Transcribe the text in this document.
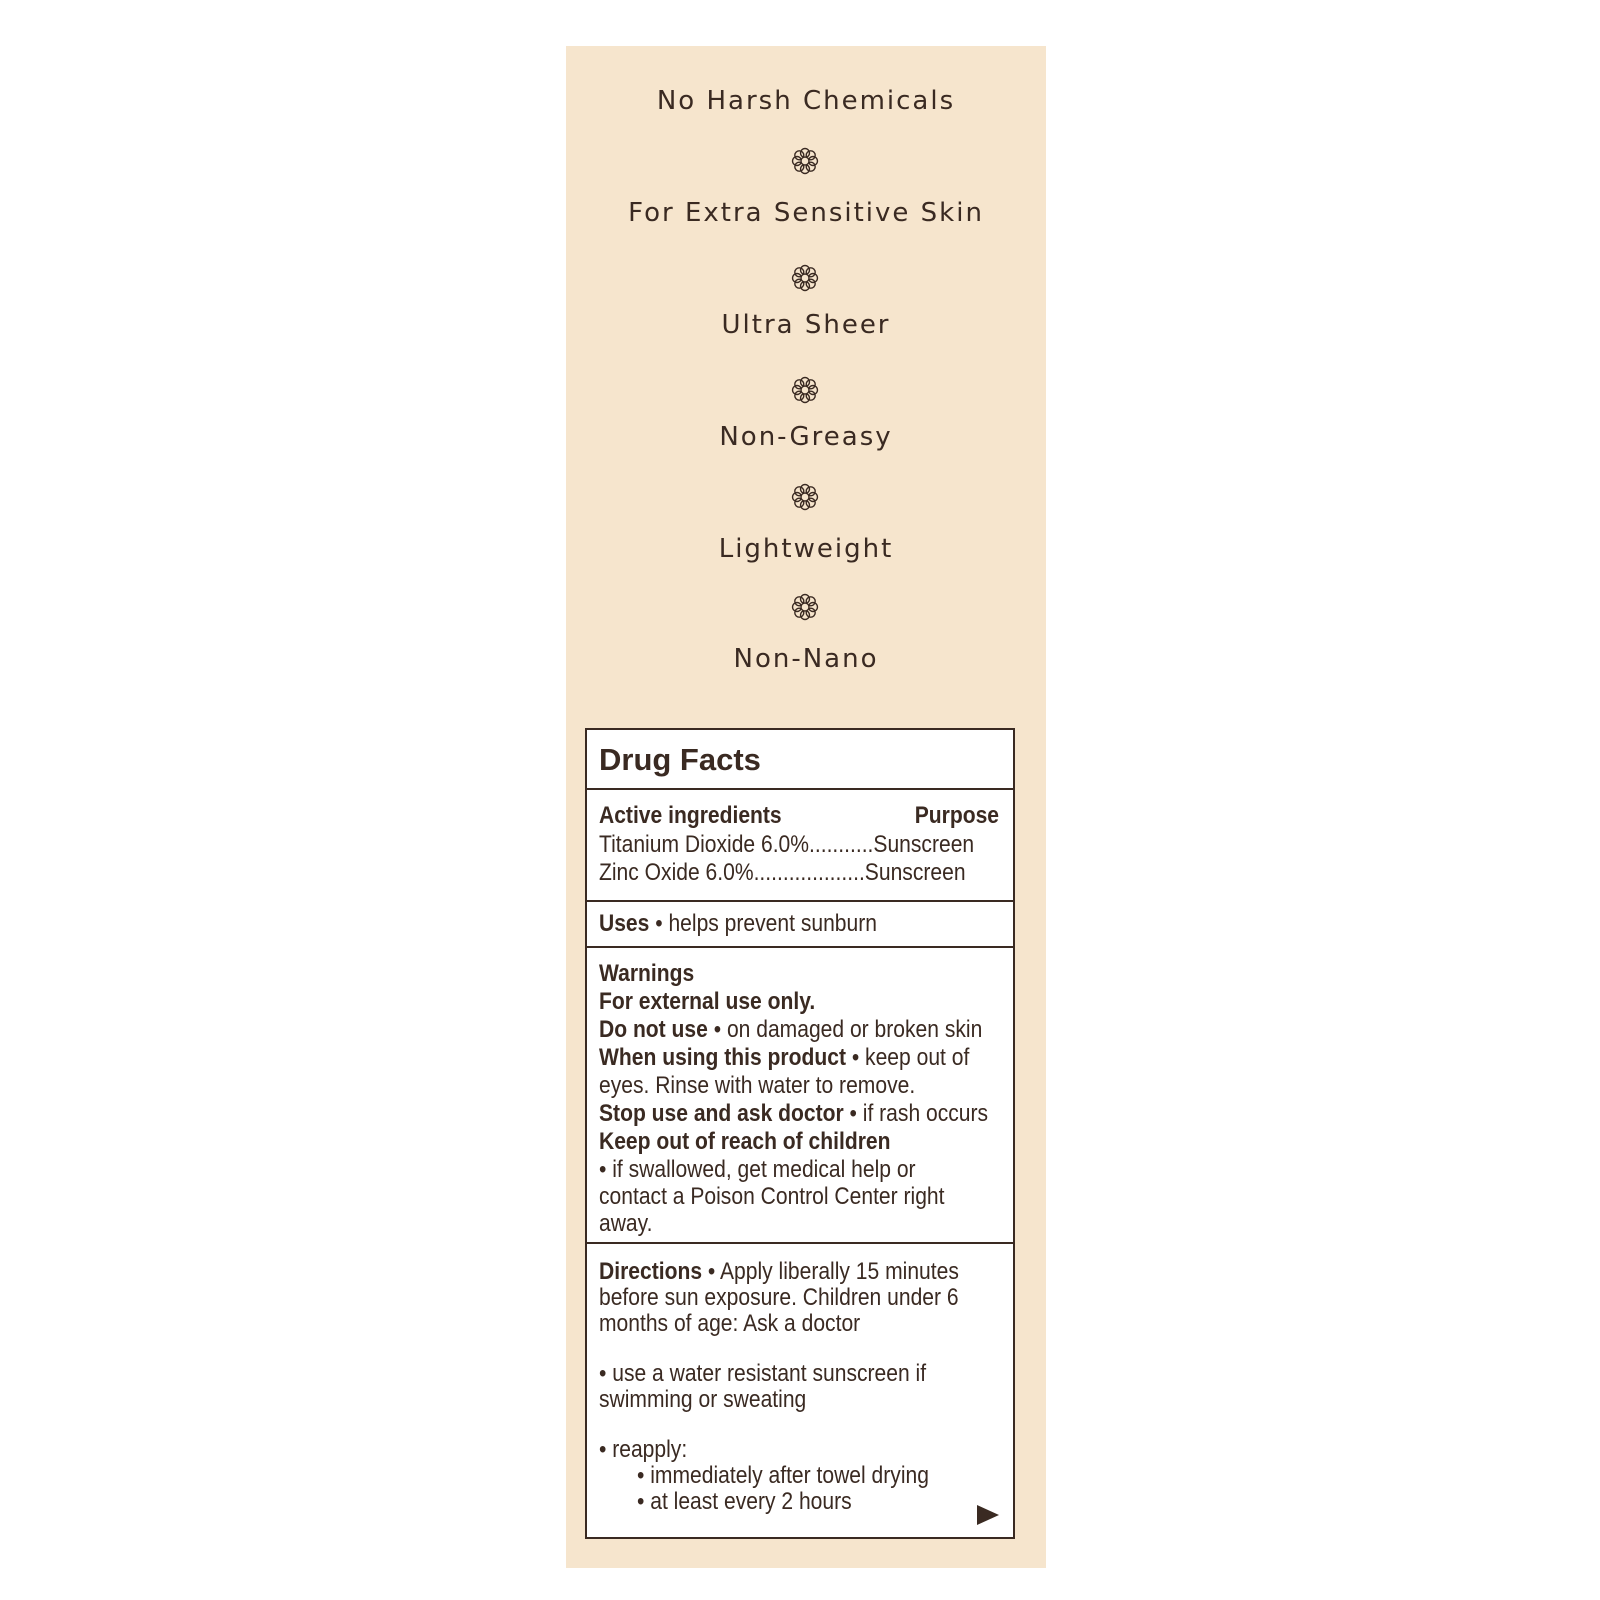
No Harsh Chemicals
For Extra Sensitive Skin
Ultra Sheer
Non-Greasy
Lightweight
Non-Nano
Drug Facts
Active ingredients	Purpose
Titanium Dioxide 6.0%...........Sunscreen
Zinc Oxide 6.0%...................Sunscreen
Uses • helps prevent sunburn
Warnings
For external use only.
Do not use • on damaged or broken skin
When using this product • keep out of
eyes. Rinse with water to remove.
Stop use and ask doctor • if rash occurs
Keep out of reach of children
• if swallowed, get medical help or
contact a Poison Control Center right
away.
Directions • Apply liberally 15 minutes
before sun exposure. Children under 6
months of age: Ask a doctor
• use a water resistant sunscreen if
swimming or sweating
• reapply:
• immediately after towel drying
• at least every 2 hours
